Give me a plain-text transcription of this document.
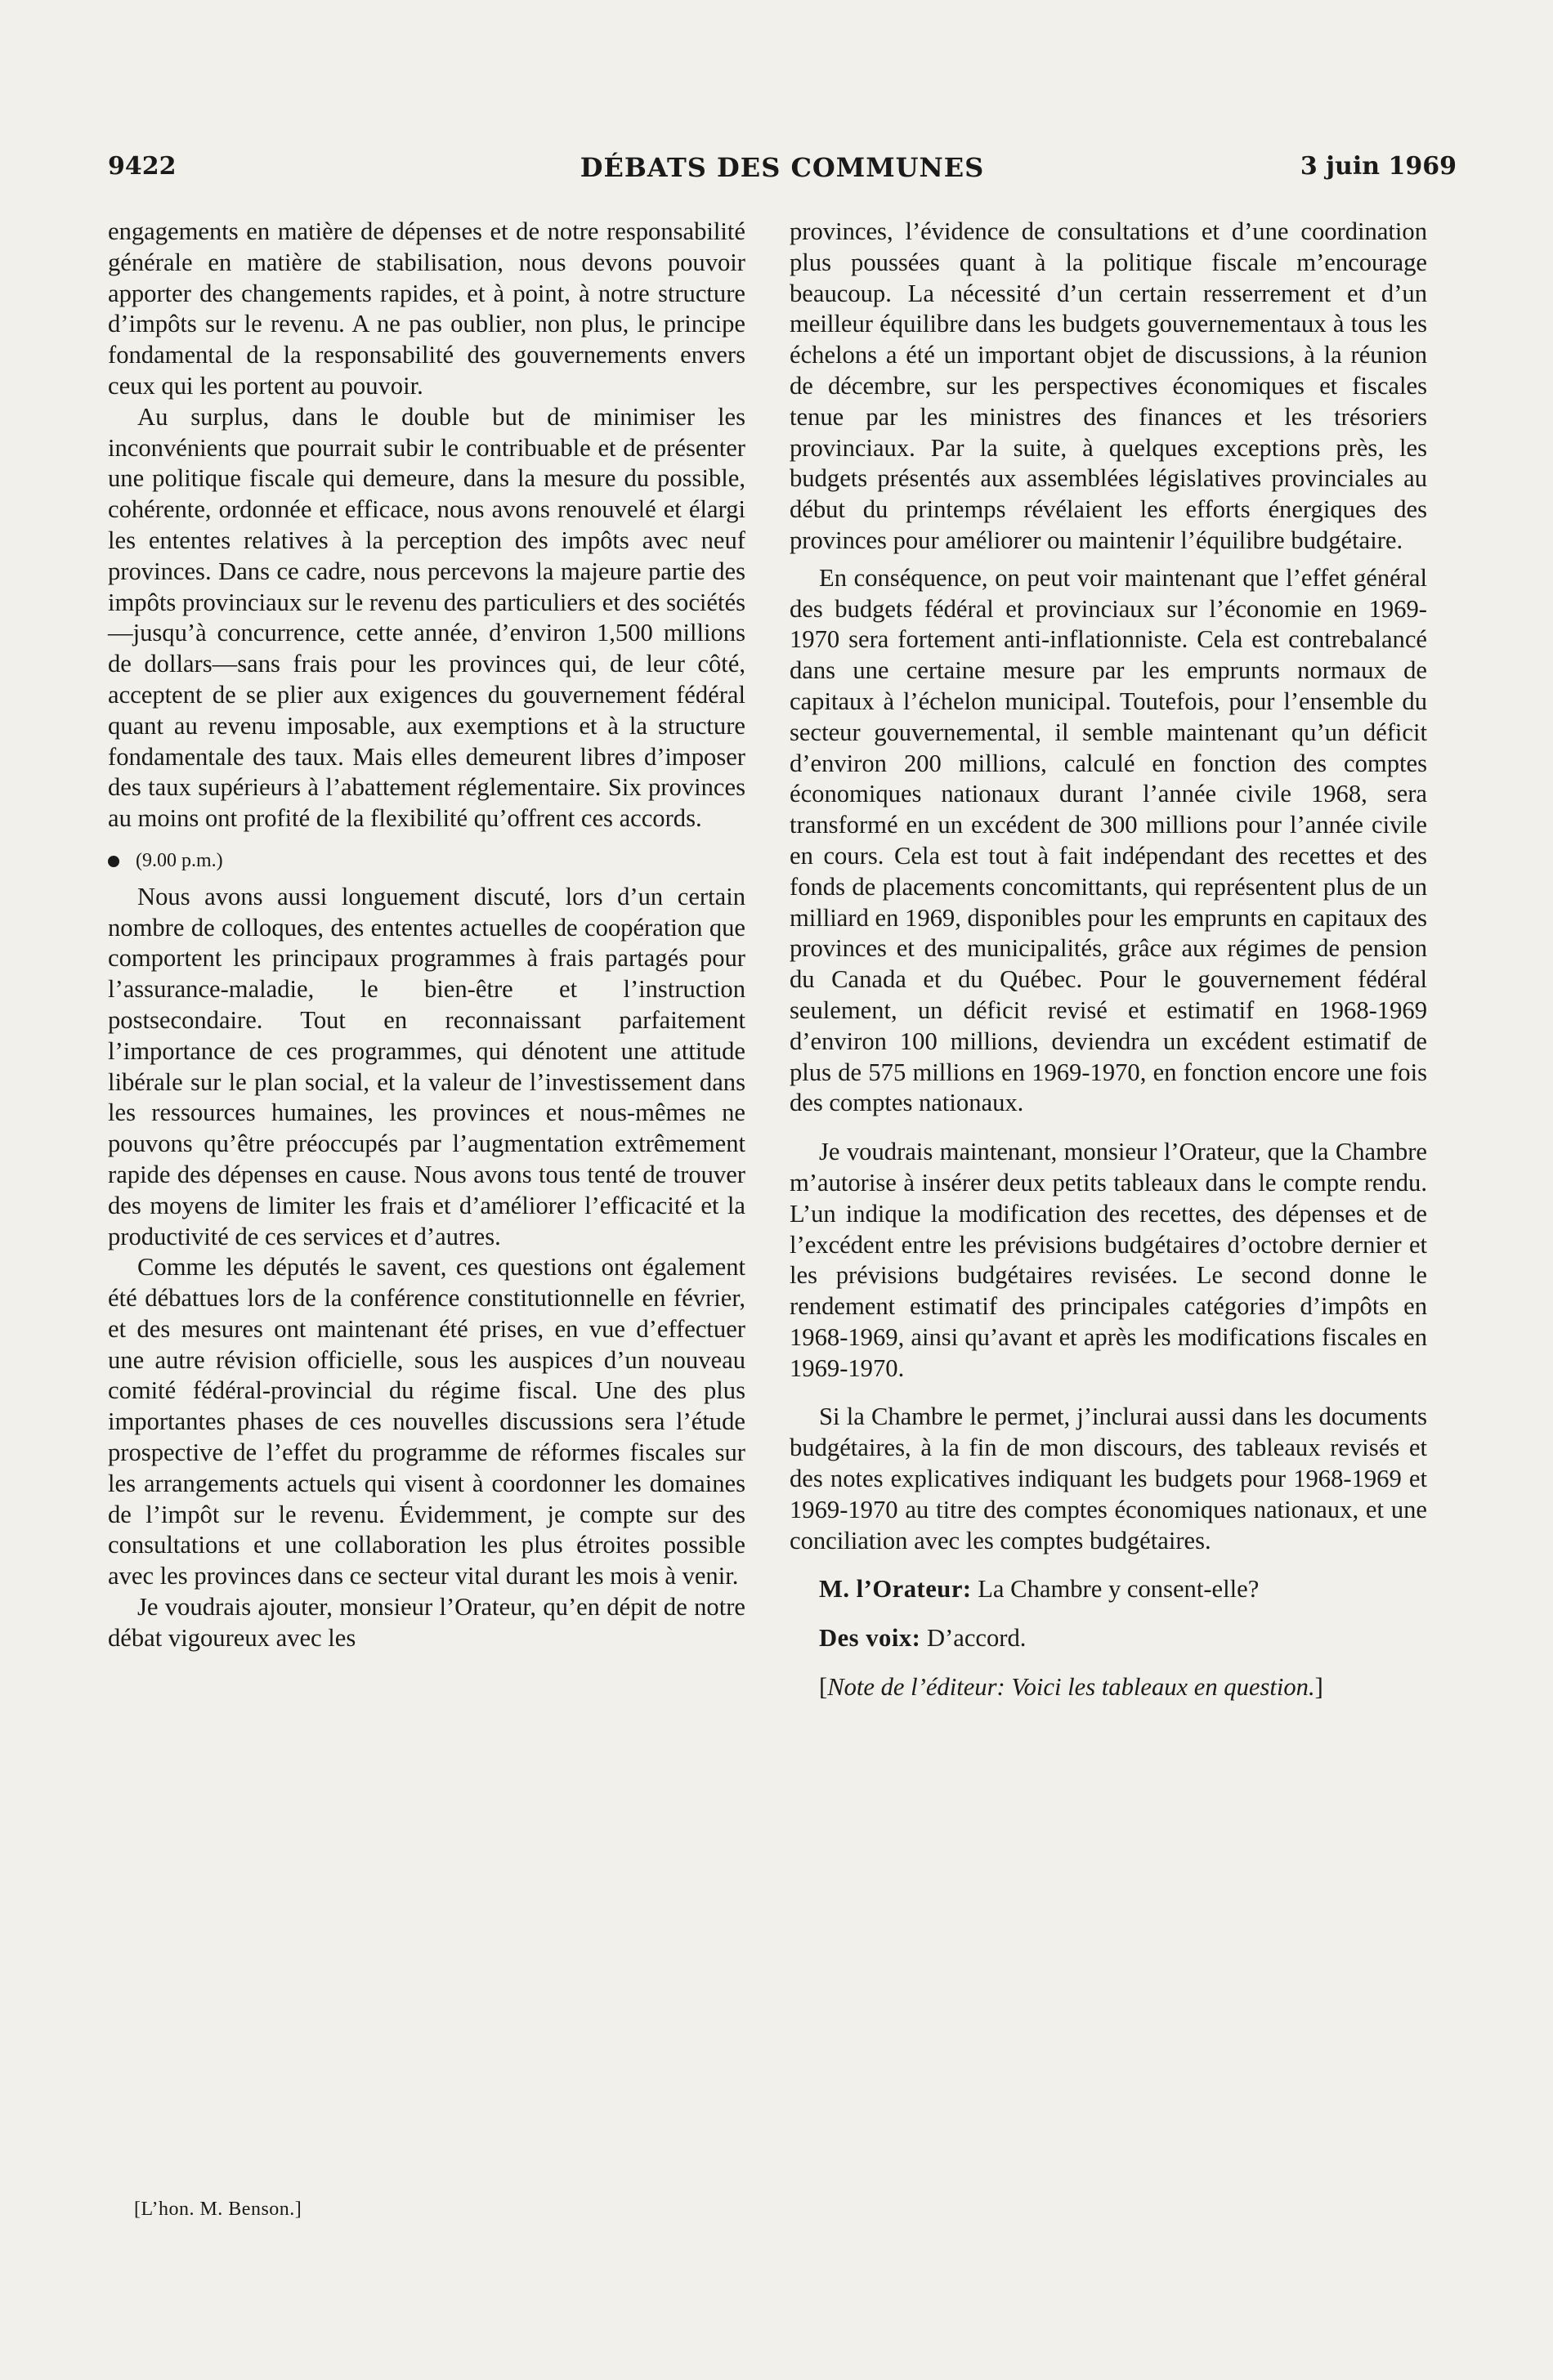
9422	DÉBATS DES COMMUNES	3 juin 1969

engagements en matière de dépenses et de notre responsabilité générale en matière de stabilisation, nous devons pouvoir apporter des changements rapides, et à point, à notre structure d’impôts sur le revenu. A ne pas oublier, non plus, le principe fondamental de la responsabilité des gouvernements envers ceux qui les portent au pouvoir.

Au surplus, dans le double but de minimiser les inconvénients que pourrait subir le contribuable et de présenter une politique fiscale qui demeure, dans la mesure du possible, cohérente, ordonnée et efficace, nous avons renouvelé et élargi les ententes relatives à la perception des impôts avec neuf provinces. Dans ce cadre, nous percevons la majeure partie des impôts provinciaux sur le revenu des particuliers et des sociétés—jusqu’à concurrence, cette année, d’environ 1,500 millions de dollars—sans frais pour les provinces qui, de leur côté, acceptent de se plier aux exigences du gouvernement fédéral quant au revenu imposable, aux exemptions et à la structure fondamentale des taux. Mais elles demeurent libres d’imposer des taux supérieurs à l’abattement réglementaire. Six provinces au moins ont profité de la flexibilité qu’offrent ces accords.

(9.00 p.m.)

Nous avons aussi longuement discuté, lors d’un certain nombre de colloques, des ententes actuelles de coopération que comportent les principaux programmes à frais partagés pour l’assurance-maladie, le bien-être et l’instruction postsecondaire. Tout en reconnaissant parfaitement l’importance de ces programmes, qui dénotent une attitude libérale sur le plan social, et la valeur de l’investissement dans les ressources humaines, les provinces et nous-mêmes ne pouvons qu’être préoccupés par l’augmentation extrêmement rapide des dépenses en cause. Nous avons tous tenté de trouver des moyens de limiter les frais et d’améliorer l’efficacité et la productivité de ces services et d’autres.

Comme les députés le savent, ces questions ont également été débattues lors de la conférence constitutionnelle en février, et des mesures ont maintenant été prises, en vue d’effectuer une autre révision officielle, sous les auspices d’un nouveau comité fédéral-provincial du régime fiscal. Une des plus importantes phases de ces nouvelles discussions sera l’étude prospective de l’effet du programme de réformes fiscales sur les arrangements actuels qui visent à coordonner les domaines de l’impôt sur le revenu. Évidemment, je compte sur des consultations et une collaboration les plus étroites possible avec les provinces dans ce secteur vital durant les mois à venir.

Je voudrais ajouter, monsieur l’Orateur, qu’en dépit de notre débat vigoureux avec les

[L’hon. M. Benson.]

provinces, l’évidence de consultations et d’une coordination plus poussées quant à la politique fiscale m’encourage beaucoup. La nécessité d’un certain resserrement et d’un meilleur équilibre dans les budgets gouvernementaux à tous les échelons a été un important objet de discussions, à la réunion de décembre, sur les perspectives économiques et fiscales tenue par les ministres des finances et les trésoriers provinciaux. Par la suite, à quelques exceptions près, les budgets présentés aux assemblées législatives provinciales au début du printemps révélaient les efforts énergiques des provinces pour améliorer ou maintenir l’équilibre budgétaire.

En conséquence, on peut voir maintenant que l’effet général des budgets fédéral et provinciaux sur l’économie en 1969-1970 sera fortement anti-inflationniste. Cela est contrebalancé dans une certaine mesure par les emprunts normaux de capitaux à l’échelon municipal. Toutefois, pour l’ensemble du secteur gouvernemental, il semble maintenant qu’un déficit d’environ 200 millions, calculé en fonction des comptes économiques nationaux durant l’année civile 1968, sera transformé en un excédent de 300 millions pour l’année civile en cours. Cela est tout à fait indépendant des recettes et des fonds de placements concomittants, qui représentent plus de un milliard en 1969, disponibles pour les emprunts en capitaux des provinces et des municipalités, grâce aux régimes de pension du Canada et du Québec. Pour le gouvernement fédéral seulement, un déficit revisé et estimatif en 1968-1969 d’environ 100 millions, deviendra un excédent estimatif de plus de 575 millions en 1969-1970, en fonction encore une fois des comptes nationaux.

Je voudrais maintenant, monsieur l’Orateur, que la Chambre m’autorise à insérer deux petits tableaux dans le compte rendu. L’un indique la modification des recettes, des dépenses et de l’excédent entre les prévisions budgétaires d’octobre dernier et les prévisions budgétaires revisées. Le second donne le rendement estimatif des principales catégories d’impôts en 1968-1969, ainsi qu’avant et après les modifications fiscales en 1969-1970.

Si la Chambre le permet, j’inclurai aussi dans les documents budgétaires, à la fin de mon discours, des tableaux revisés et des notes explicatives indiquant les budgets pour 1968-1969 et 1969-1970 au titre des comptes économiques nationaux, et une conciliation avec les comptes budgétaires.

M. l’Orateur: La Chambre y consent-elle?

Des voix: D’accord.

[Note de l’éditeur: Voici les tableaux en question.]
